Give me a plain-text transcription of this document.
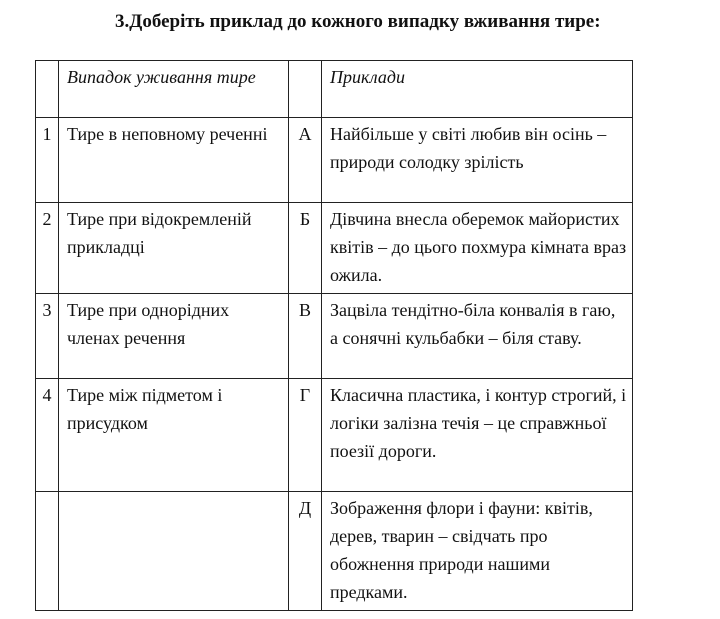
3.Доберіть приклад до кожного випадку вживання тире:
	Випадок уживання тире		Приклади
1	Тире в неповному реченні	А	Найбільше у світі любив він осінь – природи солодку зрілість
2	Тире при відокремленій прикладці	Б	Дівчина внесла оберемок майористих квітів – до цього похмура кімната враз ожила.
3	Тире при однорідних членах речення	В	Зацвіла тендітно-біла конвалія в гаю, а сонячні кульбабки – біля ставу.
4	Тире між підметом і присудком	Г	Класична пластика, і контур строгий, і логіки залізна течія – це справжньої поезії дороги.
		Д	Зображення флори і фауни: квітів, дерев, тварин – свідчать про обожнення природи нашими предками.
